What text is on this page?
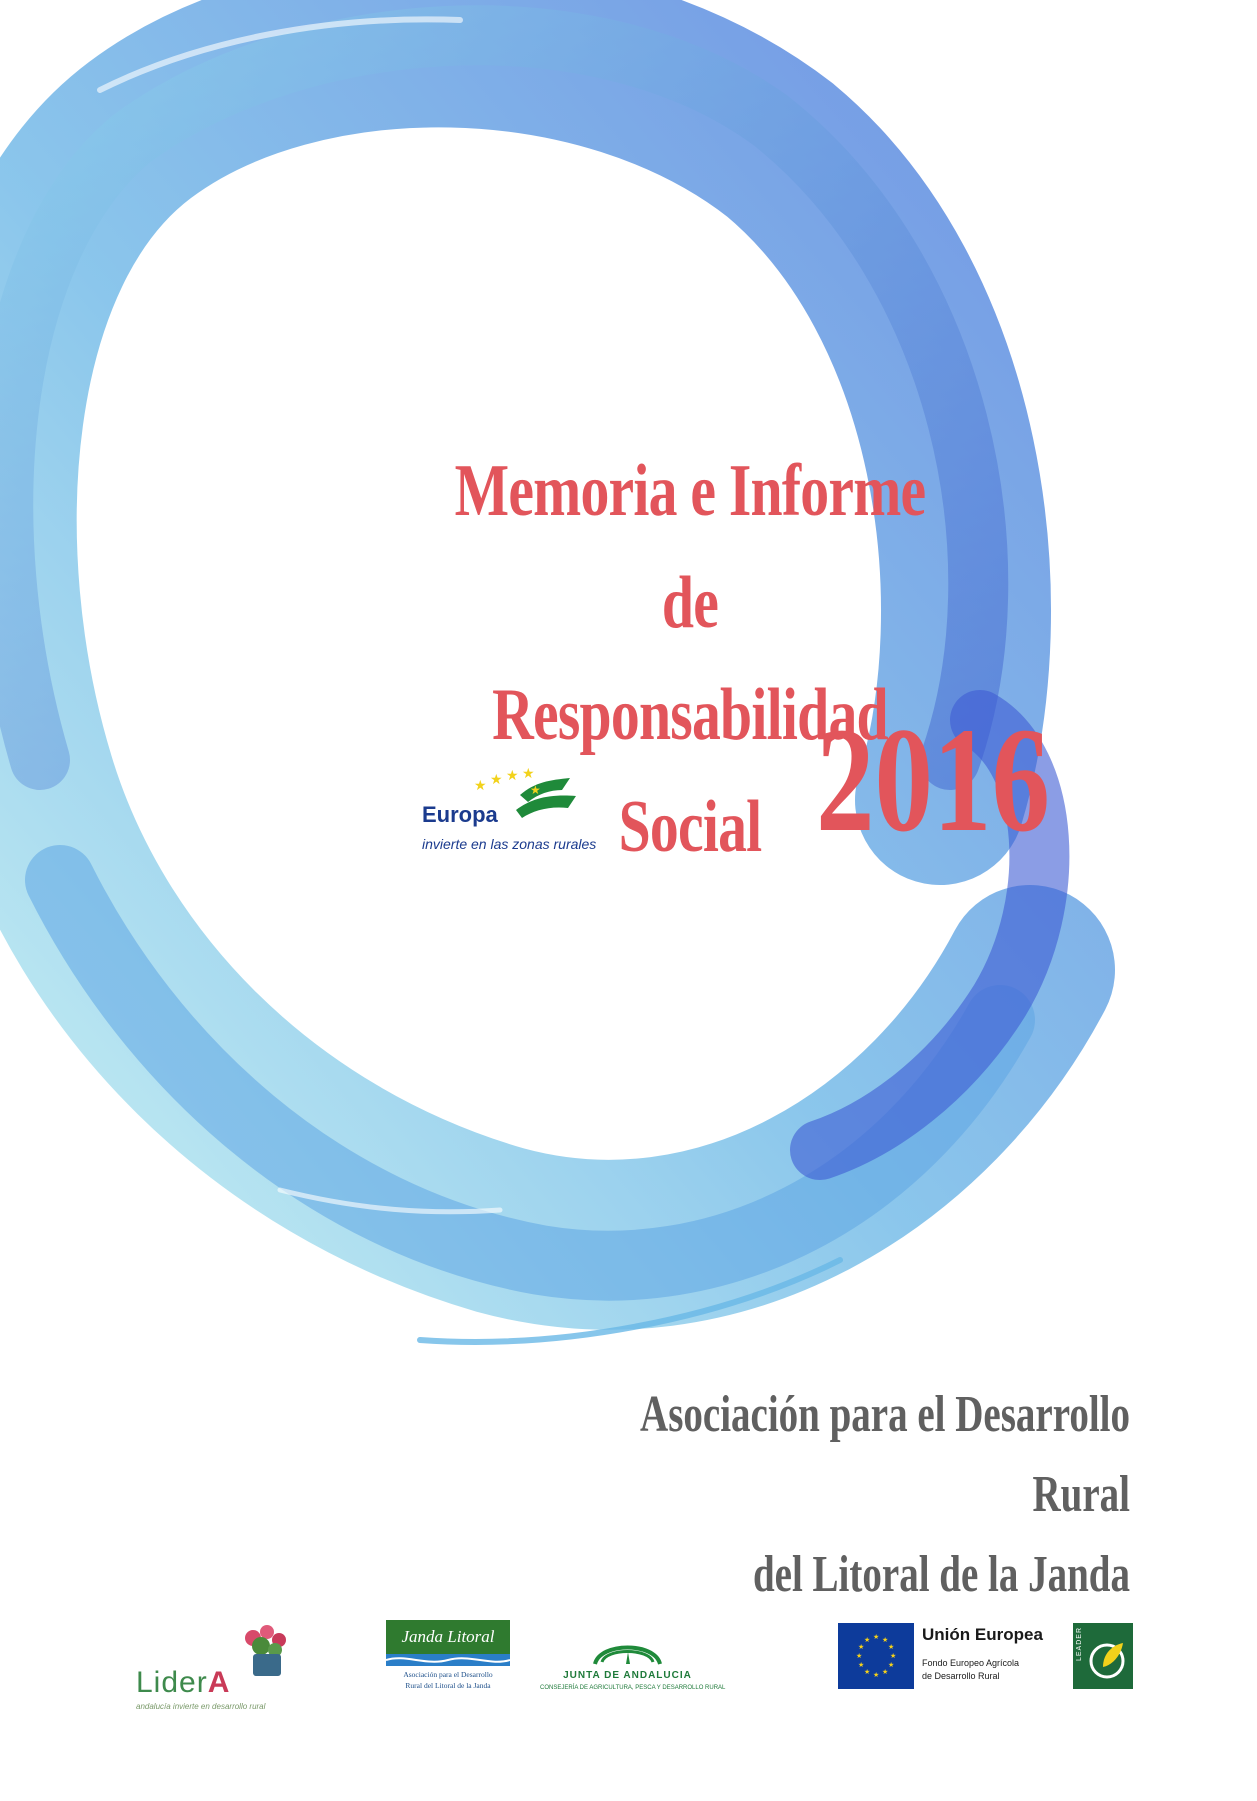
Memoria e Informe de
Responsabilidad Social 2016
★ ★ ★ ★
★
Europa
invierte en las zonas rurales
Asociación para el Desarrollo Rural
del Litoral de la Janda
LiderA
andalucía invierte en desarrollo rural
Janda Litoral
Asociación para el Desarrollo
Rural del Litoral de la Janda
JUNTA DE ANDALUCIA
CONSEJERÍA DE AGRICULTURA, PESCA Y DESARROLLO RURAL
★ ★
★
★
★
★
★
★
★
★
★
★	Unión Europea
Fondo Europeo Agrícola
de Desarrollo Rural
LEADER
